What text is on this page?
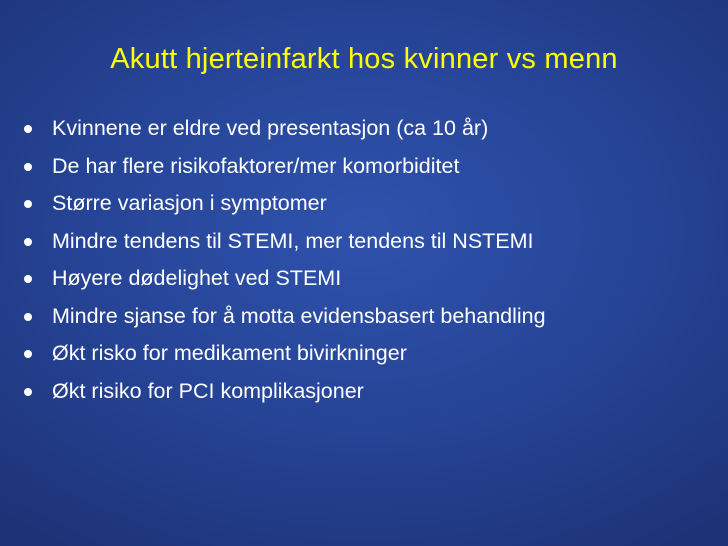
Akutt hjerteinfarkt hos kvinner vs menn
Kvinnene er eldre ved presentasjon (ca 10 år)
De har flere risikofaktorer/mer komorbiditet
Større variasjon i symptomer
Mindre tendens til STEMI, mer tendens til NSTEMI
Høyere dødelighet ved STEMI
Mindre sjanse for å motta evidensbasert behandling
Økt risko for medikament bivirkninger
Økt risiko for PCI komplikasjoner
